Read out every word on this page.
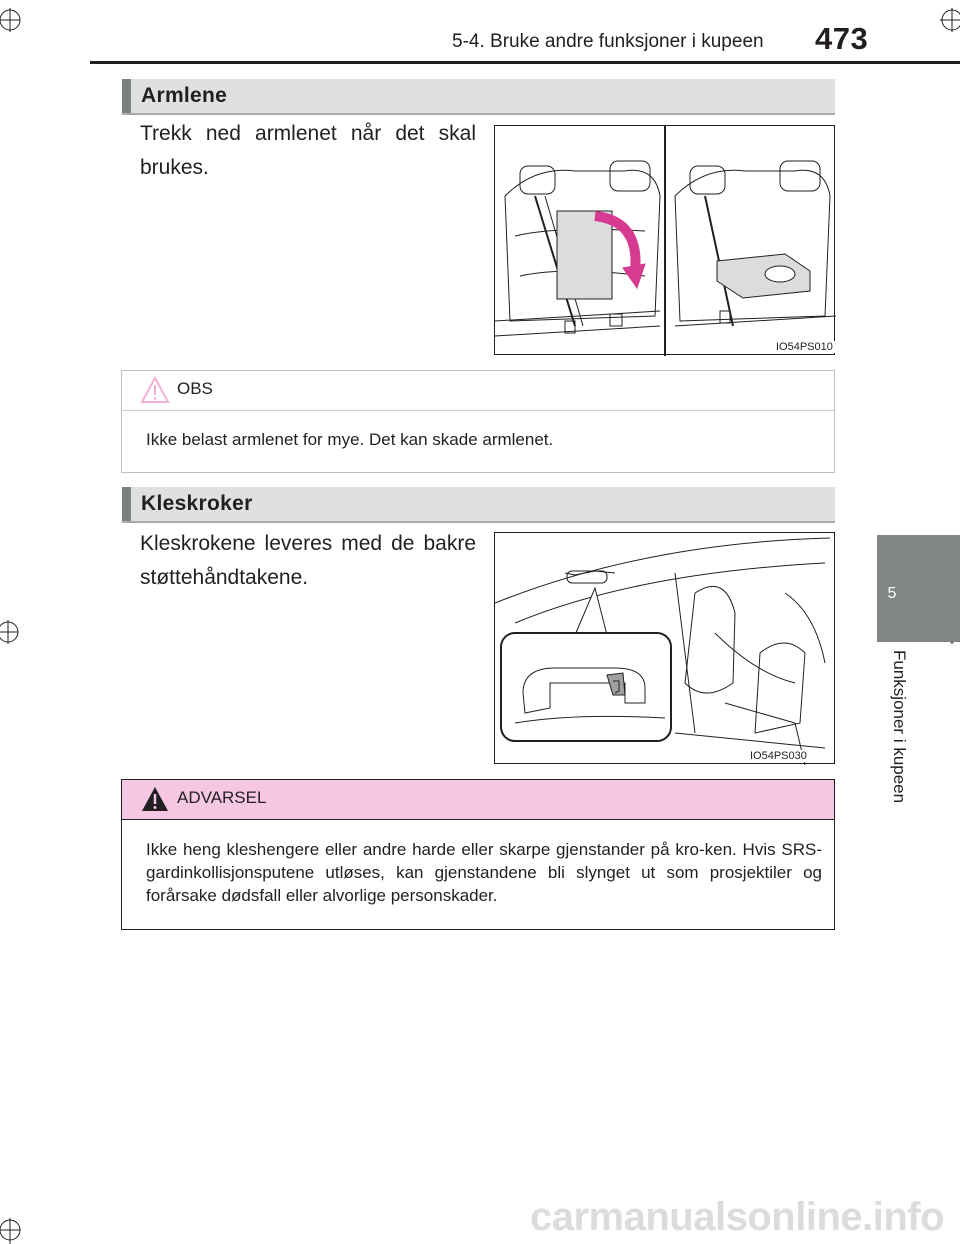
5-4. Bruke andre funksjoner i kupeen 473
5
Funksjoner i kupeen
Armlene
Trekk ned armlenet når det skal brukes.
IO54PS010
OBS
Ikke belast armlenet for mye. Det kan skade armlenet.
Kleskroker
Kleskrokene leveres med de bakre støttehåndtakene.
IO54PS030
ADVARSEL
Ikke heng kleshengere eller andre harde eller skarpe gjenstander på kro-ken. Hvis SRS-gardinkollisjonsputene utløses, kan gjenstandene bli slynget ut som prosjektiler og forårsake dødsfall eller alvorlige personskader.
carmanualsonline.info
